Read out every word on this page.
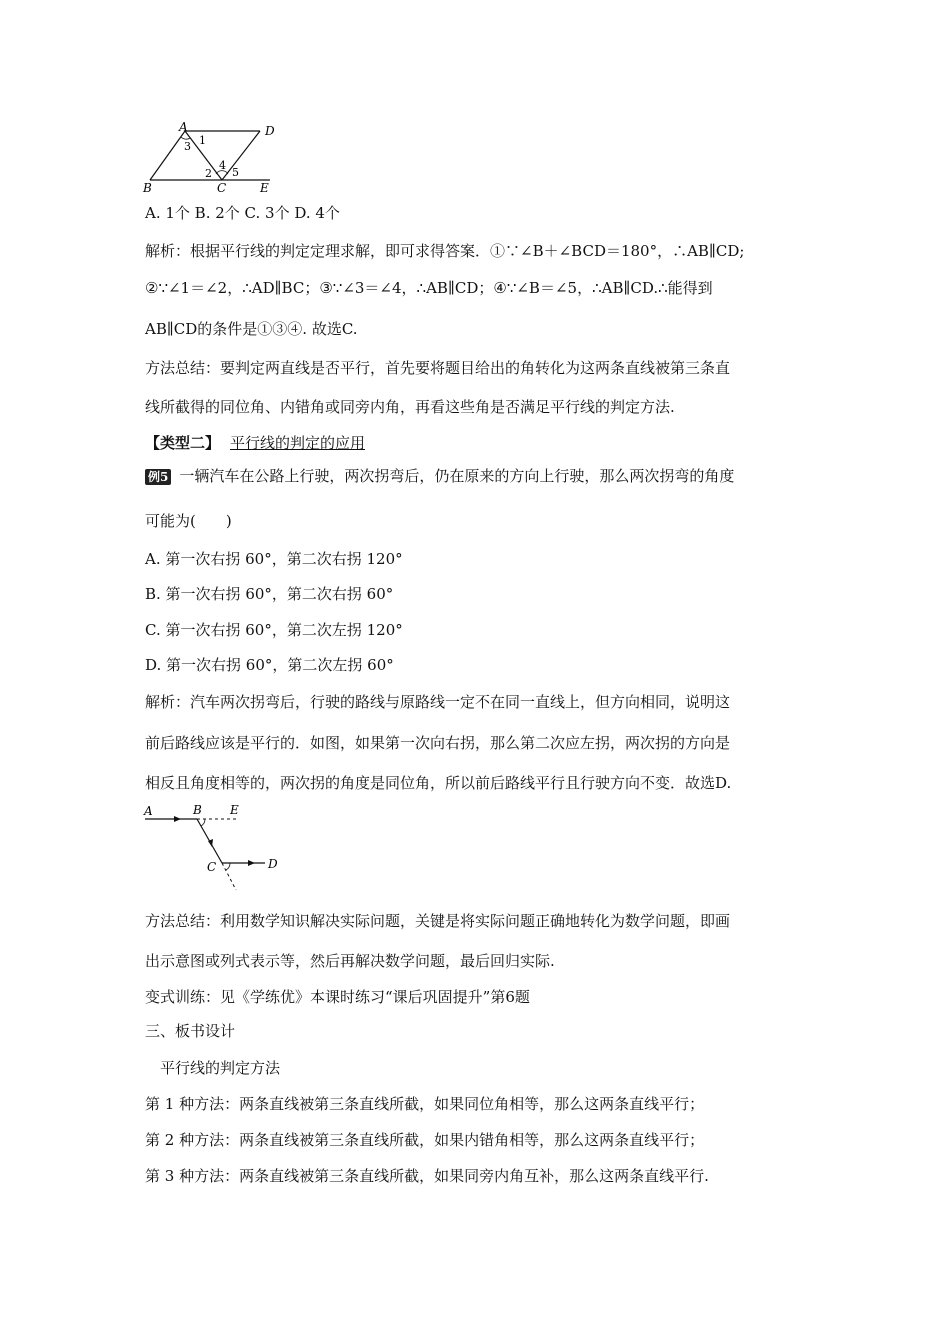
A	D
B	C	E
1
2
3
4
5
A. 1个 B. 2个 C. 3个 D. 4个
解析：根据平行线的判定定理求解，即可求得答案．①∵∠B＋∠BCD＝180°，∴AB∥CD;
②∵∠1＝∠2，∴AD∥BC；③∵∠3＝∠4，∴AB∥CD；④∵∠B＝∠5，∴AB∥CD.∴能得到
AB∥CD的条件是①③④. 故选C.
方法总结：要判定两直线是否平行，首先要将题目给出的角转化为这两条直线被第三条直
线所截得的同位角、内错角或同旁内角，再看这些角是否满足平行线的判定方法.
【类型二】 平行线的判定的应用
例5 一辆汽车在公路上行驶，两次拐弯后，仍在原来的方向上行驶，那么两次拐弯的角度
可能为(　　)
A. 第一次右拐 60°，第二次右拐 120°
B. 第一次右拐 60°，第二次右拐 60°
C. 第一次右拐 60°，第二次左拐 120°
D. 第一次右拐 60°，第二次左拐 60°
解析：汽车两次拐弯后，行驶的路线与原路线一定不在同一直线上，但方向相同，说明这
前后路线应该是平行的．如图，如果第一次向右拐，那么第二次应左拐，两次拐的方向是
相反且角度相等的，两次拐的角度是同位角，所以前后路线平行且行驶方向不变．故选D.
A	B E
C	D
方法总结：利用数学知识解决实际问题，关键是将实际问题正确地转化为数学问题，即画
出示意图或列式表示等，然后再解决数学问题，最后回归实际.
变式训练：见《学练优》本课时练习“课后巩固提升”第6题
三、板书设计
平行线的判定方法
第 1 种方法：两条直线被第三条直线所截，如果同位角相等，那么这两条直线平行；
第 2 种方法：两条直线被第三条直线所截，如果内错角相等，那么这两条直线平行；
第 3 种方法：两条直线被第三条直线所截，如果同旁内角互补，那么这两条直线平行.
